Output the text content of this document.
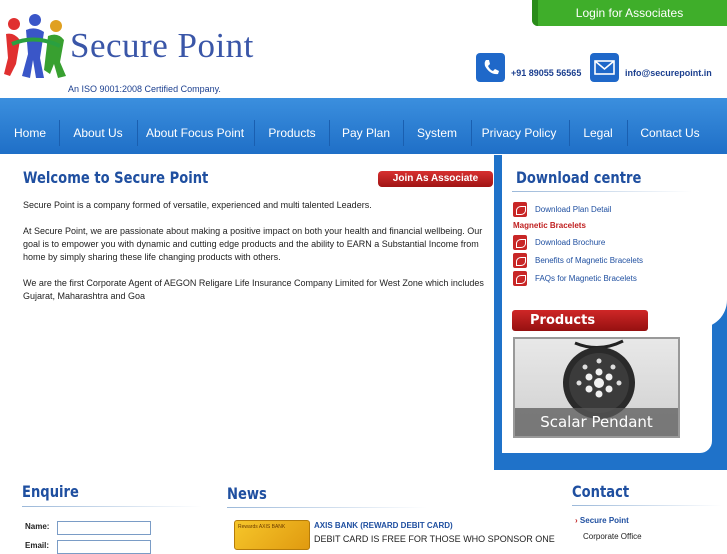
Secure Point
An ISO 9001:2008 Certified Company.
Login for Associates
+91 89055 56565	info@securepoint.in
Home	About Us	About Focus Point	Products	Pay Plan	System	Privacy Policy	Legal	Contact Us
Welcome to Secure Point	Join As Associate
Secure Point is a company formed of versatile, experienced and multi talented Leaders.
At Secure Point, we are passionate about making a positive impact on both your health and financial wellbeing. Our goal is to empower you with dynamic and cutting edge products and the ability to EARN a Substantial Income from home by simply sharing these life changing products with others.
We are the first Corporate Agent of AEGON Religare Life Insurance Company Limited for West Zone which includes Gujarat, Maharashtra and Goa
Download centre
Download Plan Detail
Magnetic Bracelets
Download Brochure
Benefits of Magnetic Bracelets
FAQs for Magnetic Bracelets
Products
Scalar Pendant
Enquire
Name:
Email:
News
Rewards AXIS BANK	AXIS BANK (REWARD DEBIT CARD)
DEBIT CARD IS FREE FOR THOSE WHO SPONSOR ONE
Contact
› Secure Point
Corporate Office
